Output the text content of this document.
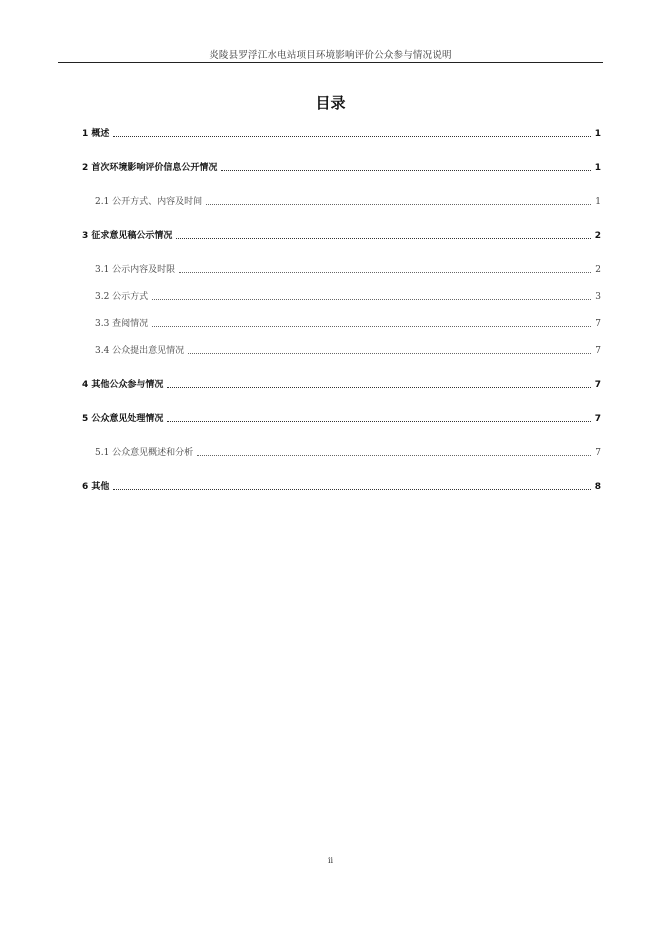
炎陵县罗浮江水电站项目环境影响评价公众参与情况说明
目录
1 概述	1
2 首次环境影响评价信息公开情况	1
2.1 公开方式、内容及时间	1
3 征求意见稿公示情况	2
3.1 公示内容及时限	2
3.2 公示方式	3
3.3 查阅情况	7
3.4 公众提出意见情况	7
4 其他公众参与情况	7
5 公众意见处理情况	7
5.1 公众意见概述和分析	7
6 其他	8
ii
